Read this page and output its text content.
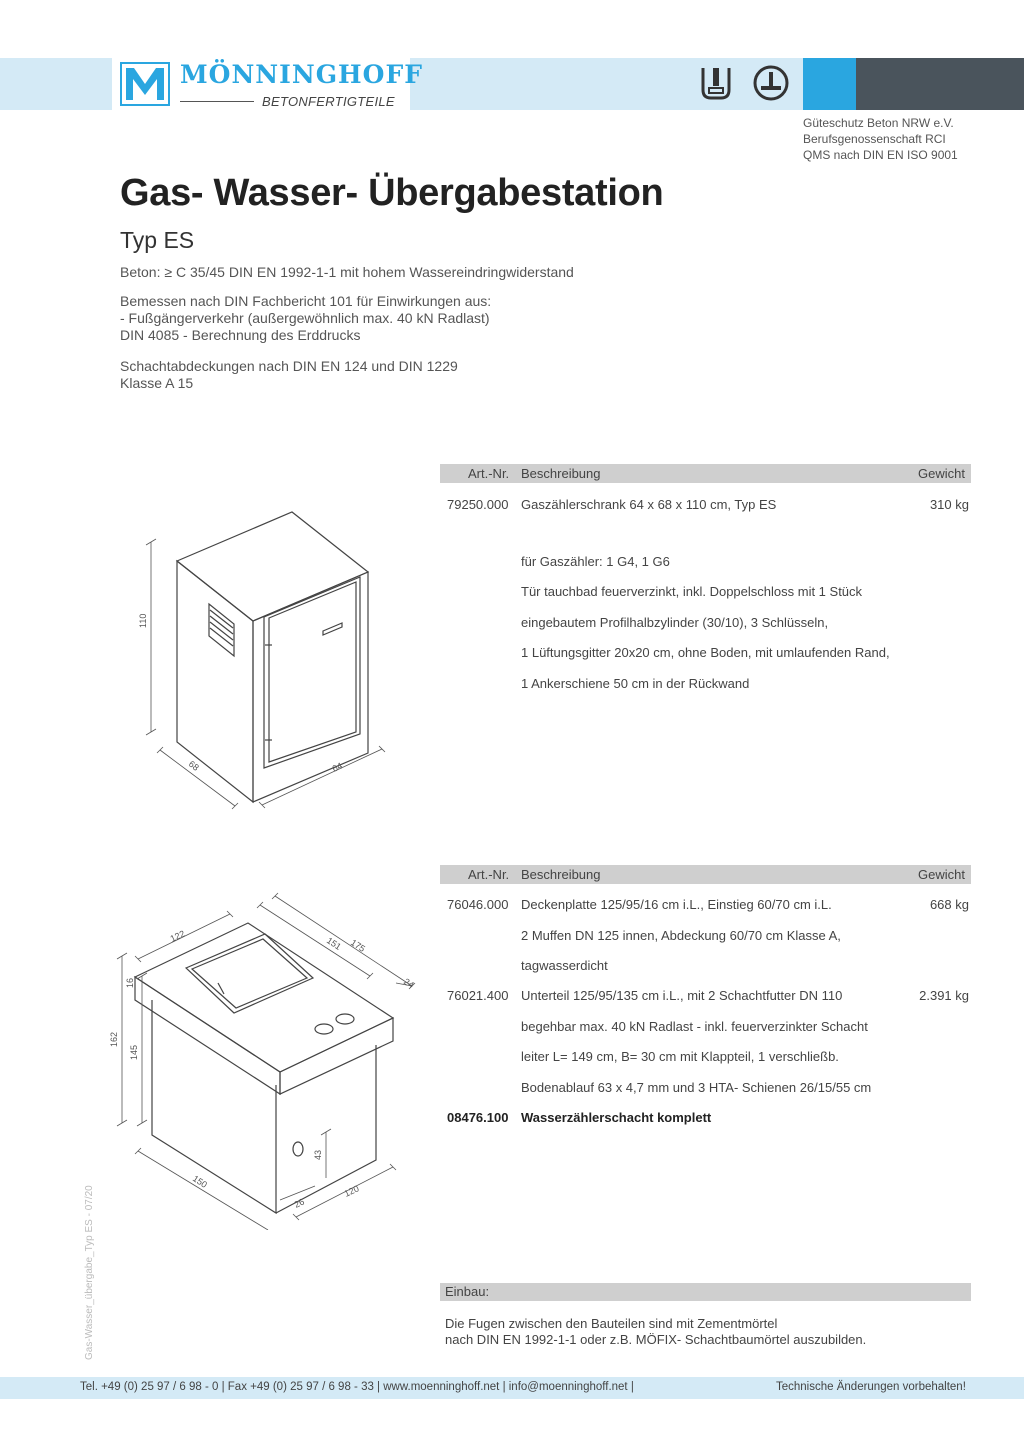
MÖNNINGHOFF
BETONFERTIGTEILE
Güteschutz Beton NRW e.V.
Berufsgenossenschaft RCI
QMS nach DIN EN ISO 9001
Gas- Wasser- Übergabestation
Typ ES
Beton: ≥ C 35/45 DIN EN 1992-1-1 mit hohem Wassereindringwiderstand
Bemessen nach DIN Fachbericht 101 für Einwirkungen aus:
- Fußgängerverkehr (außergewöhnlich max. 40 kN Radlast)
DIN 4085 - Berechnung des Erddrucks
Schachtabdeckungen nach DIN EN 124 und DIN 1229
Klasse A 15
Art.-Nr. Beschreibung	Gewicht
79250.000 Gaszählerschrank 64 x 68 x 110 cm, Typ ES	310 kg
für Gaszähler: 1 G4, 1 G6
Tür tauchbad feuerverzinkt, inkl. Doppelschloss mit 1 Stück
eingebautem Profilhalbzylinder (30/10), 3 Schlüsseln,
1 Lüftungsgitter 20x20 cm, ohne Boden, mit umlaufenden Rand,
1 Ankerschiene 50 cm in der Rückwand
110
68	64
Art.-Nr. Beschreibung	Gewicht
76046.000 Deckenplatte 125/95/16 cm i.L., Einstieg 60/70 cm i.L.	668 kg
2 Muffen DN 125 innen, Abdeckung 60/70 cm Klasse A,
tagwasserdicht
76021.400 Unterteil 125/95/135 cm i.L., mit 2 Schachtfutter DN 110	2.391 kg
begehbar max. 40 kN Radlast - inkl. feuerverzinkter Schacht
leiter L= 149 cm, B= 30 cm mit Klappteil, 1 verschließb.
Bodenablauf 63 x 4,7 mm und 3 HTA- Schienen 26/15/55 cm
08476.100 Wasserzählerschacht komplett
122	151 175
24
16
162
145
43
150
26
120
Einbau:
Die Fugen zwischen den Bauteilen sind mit Zementmörtel
nach DIN EN 1992-1-1 oder z.B. MÖFIX- Schachtbaumörtel auszubilden.
Gas-Wasser_übergabe_Typ ES - 07/20
Tel. +49 (0) 25 97 / 6 98 - 0 | Fax +49 (0) 25 97 / 6 98 - 33 | www.moenninghoff.net | info@moenninghoff.net |	Technische Änderungen vorbehalten!
